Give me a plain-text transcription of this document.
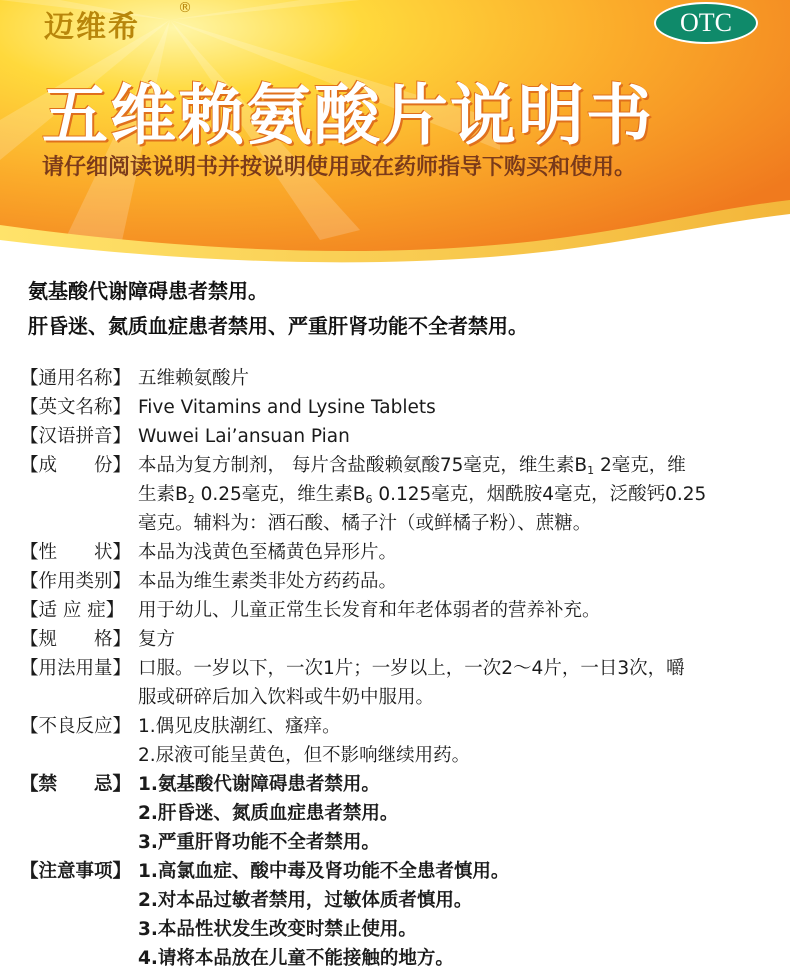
迈维希
®	OTC
五维赖氨酸片说明书
请仔细阅读说明书并按说明使用或在药师指导下购买和使用。
氨基酸代谢障碍患者禁用。
肝昏迷、氮质血症患者禁用、严重肝肾功能不全者禁用。
【通用名称】 五维赖氨酸片
【英文名称】 Five Vitamins and Lysine Tablets
【汉语拼音】 Wuwei Lai’ansuan Pian
【成　　份】 本品为复方制剂， 每片含盐酸赖氨酸75毫克，维生素$B_1$ 2毫克，维
生素$B_2$ 0.25毫克，维生素$B_6$ 0.125毫克，烟酰胺4毫克，泛酸钙0.25
毫克。辅料为：酒石酸、橘子汁（或鲜橘子粉）、蔗糖。
【性　　状】 本品为浅黄色至橘黄色异形片。
【作用类别】 本品为维生素类非处方药药品。
【适 应 症】 用于幼儿、儿童正常生长发育和年老体弱者的营养补充。
【规　　格】 复方
【用法用量】 口服。一岁以下，一次1片；一岁以上，一次2～4片，一日3次，嚼
服或研碎后加入饮料或牛奶中服用。
【不良反应】 1.偶见皮肤潮红、瘙痒。
2.尿液可能呈黄色，但不影响继续用药。
【禁　　忌】 1.氨基酸代谢障碍患者禁用。
2.肝昏迷、氮质血症患者禁用。
3.严重肝肾功能不全者禁用。
【注意事项】 1.高氯血症、酸中毒及肾功能不全患者慎用。
2.对本品过敏者禁用，过敏体质者慎用。
3.本品性状发生改变时禁止使用。
4.请将本品放在儿童不能接触的地方。
